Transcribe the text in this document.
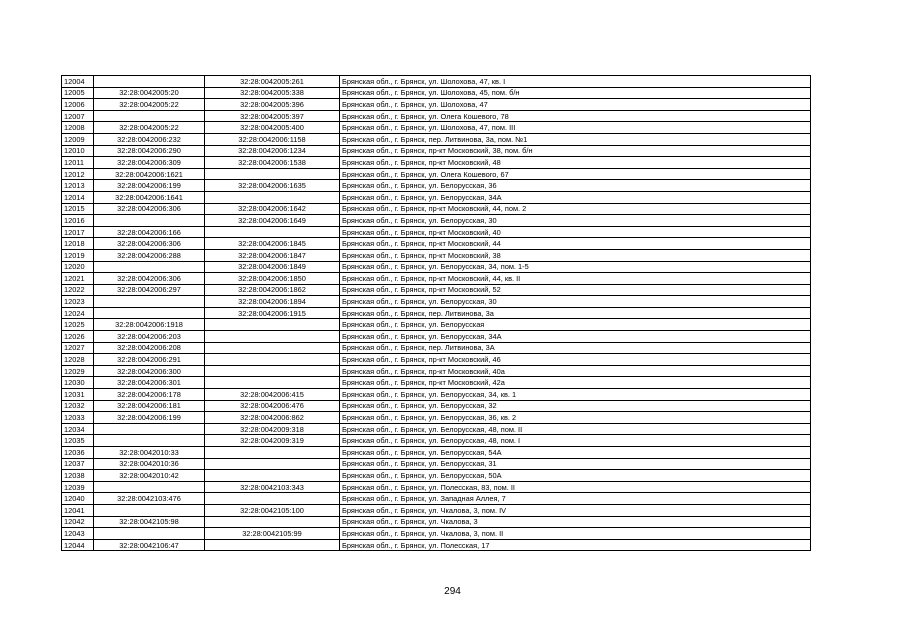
12004		32:28:0042005:261	Брянская обл., г. Брянск, ул. Шолохова, 47, кв. I
12005	32:28:0042005:20	32:28:0042005:338	Брянская обл., г. Брянск, ул. Шолохова, 45, пом. б/н
12006	32:28:0042005:22	32:28:0042005:396	Брянская обл., г. Брянск, ул. Шолохова, 47
12007		32:28:0042005:397	Брянская обл., г. Брянск, ул. Олега Кошевого, 78
12008	32:28:0042005:22	32:28:0042005:400	Брянская обл., г. Брянск, ул. Шолохова, 47, пом. III
12009	32:28:0042006:232	32:28:0042006:1158	Брянская обл., г. Брянск, пер. Литвинова, 3а, пом. №1
12010	32:28:0042006:290	32:28:0042006:1234	Брянская обл., г. Брянск, пр-кт Московский, 38, пом. б/н
12011	32:28:0042006:309	32:28:0042006:1538	Брянская обл., г. Брянск, пр-кт Московский, 48
12012	32:28:0042006:1621		Брянская обл., г. Брянск, ул. Олега Кошевого, 67
12013	32:28:0042006:199	32:28:0042006:1635	Брянская обл., г. Брянск, ул. Белорусская, 36
12014	32:28:0042006:1641		Брянская обл., г. Брянск, ул. Белорусская, 34А
12015	32:28:0042006:306	32:28:0042006:1642	Брянская обл., г. Брянск, пр-кт Московский, 44, пом. 2
12016		32:28:0042006:1649	Брянская обл., г. Брянск, ул. Белорусская, 30
12017	32:28:0042006:166		Брянская обл., г. Брянск, пр-кт Московский, 40
12018	32:28:0042006:306	32:28:0042006:1845	Брянская обл., г. Брянск, пр-кт Московский, 44
12019	32:28:0042006:288	32:28:0042006:1847	Брянская обл., г. Брянск, пр-кт Московский, 38
12020		32:28:0042006:1849	Брянская обл., г. Брянск, ул. Белорусская, 34, пом. 1-5
12021	32:28:0042006:306	32:28:0042006:1850	Брянская обл., г. Брянск, пр-кт Московский, 44, кв. II
12022	32:28:0042006:297	32:28:0042006:1862	Брянская обл., г. Брянск, пр-кт Московский, 52
12023		32:28:0042006:1894	Брянская обл., г. Брянск, ул. Белорусская, 30
12024		32:28:0042006:1915	Брянская обл., г. Брянск, пер. Литвинова, 3а
12025	32:28:0042006:1918		Брянская обл., г. Брянск, ул. Белорусская
12026	32:28:0042006:203		Брянская обл., г. Брянск, ул. Белорусская, 34А
12027	32:28:0042006:208		Брянская обл., г. Брянск, пер. Литвинова, 3А
12028	32:28:0042006:291		Брянская обл., г. Брянск, пр-кт Московский, 46
12029	32:28:0042006:300		Брянская обл., г. Брянск, пр-кт Московский, 40а
12030	32:28:0042006:301		Брянская обл., г. Брянск, пр-кт Московский, 42а
12031	32:28:0042006:178	32:28:0042006:415	Брянская обл., г. Брянск, ул. Белорусская, 34, кв. 1
12032	32:28:0042006:181	32:28:0042006:476	Брянская обл., г. Брянск, ул. Белорусская, 32
12033	32:28:0042006:199	32:28:0042006:862	Брянская обл., г. Брянск, ул. Белорусская, 36, кв. 2
12034		32:28:0042009:318	Брянская обл., г. Брянск, ул. Белорусская, 48, пом. II
12035		32:28:0042009:319	Брянская обл., г. Брянск, ул. Белорусская, 48, пом. I
12036	32:28:0042010:33		Брянская обл., г. Брянск, ул. Белорусская, 54А
12037	32:28:0042010:36		Брянская обл., г. Брянск, ул. Белорусская, 31
12038	32:28:0042010:42		Брянская обл., г. Брянск, ул. Белорусская, 50А
12039		32:28:0042103:343	Брянская обл., г. Брянск, ул. Полесская, 83, пом. II
12040	32:28:0042103:476		Брянская обл., г. Брянск, ул. Западная Аллея, 7
12041		32:28:0042105:100	Брянская обл., г. Брянск, ул. Чкалова, 3, пом. IV
12042	32:28:0042105:98		Брянская обл., г. Брянск, ул. Чкалова, 3
12043		32:28:0042105:99	Брянская обл., г. Брянск, ул. Чкалова, 3, пом. II
12044	32:28:0042106:47		Брянская обл., г. Брянск, ул. Полесская, 17
294
